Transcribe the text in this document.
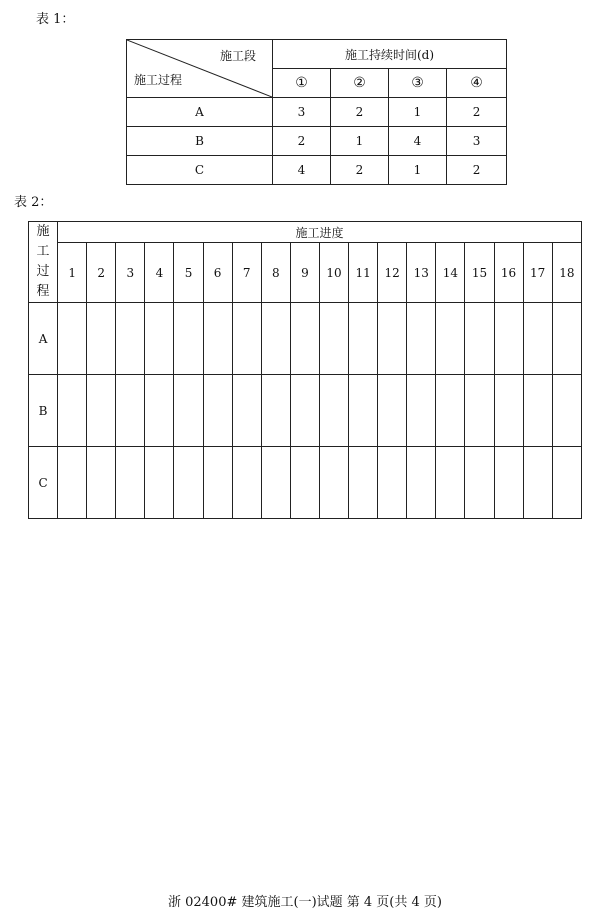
表 1：
施工段
施工过程	施工持续时间(d)			
	①	②	③	④
A	3	2	1	2
B	2	1	4	3
C	4	2	1	2
表 2：
施
工
过
程	施工进度																	
	1	2	3	4	5	6	7	8	9	10	11	12	13	14	15	16	17	18
A																		
B																		
C																		
浙 02400# 建筑施工(一)试题 第 4 页(共 4 页)
